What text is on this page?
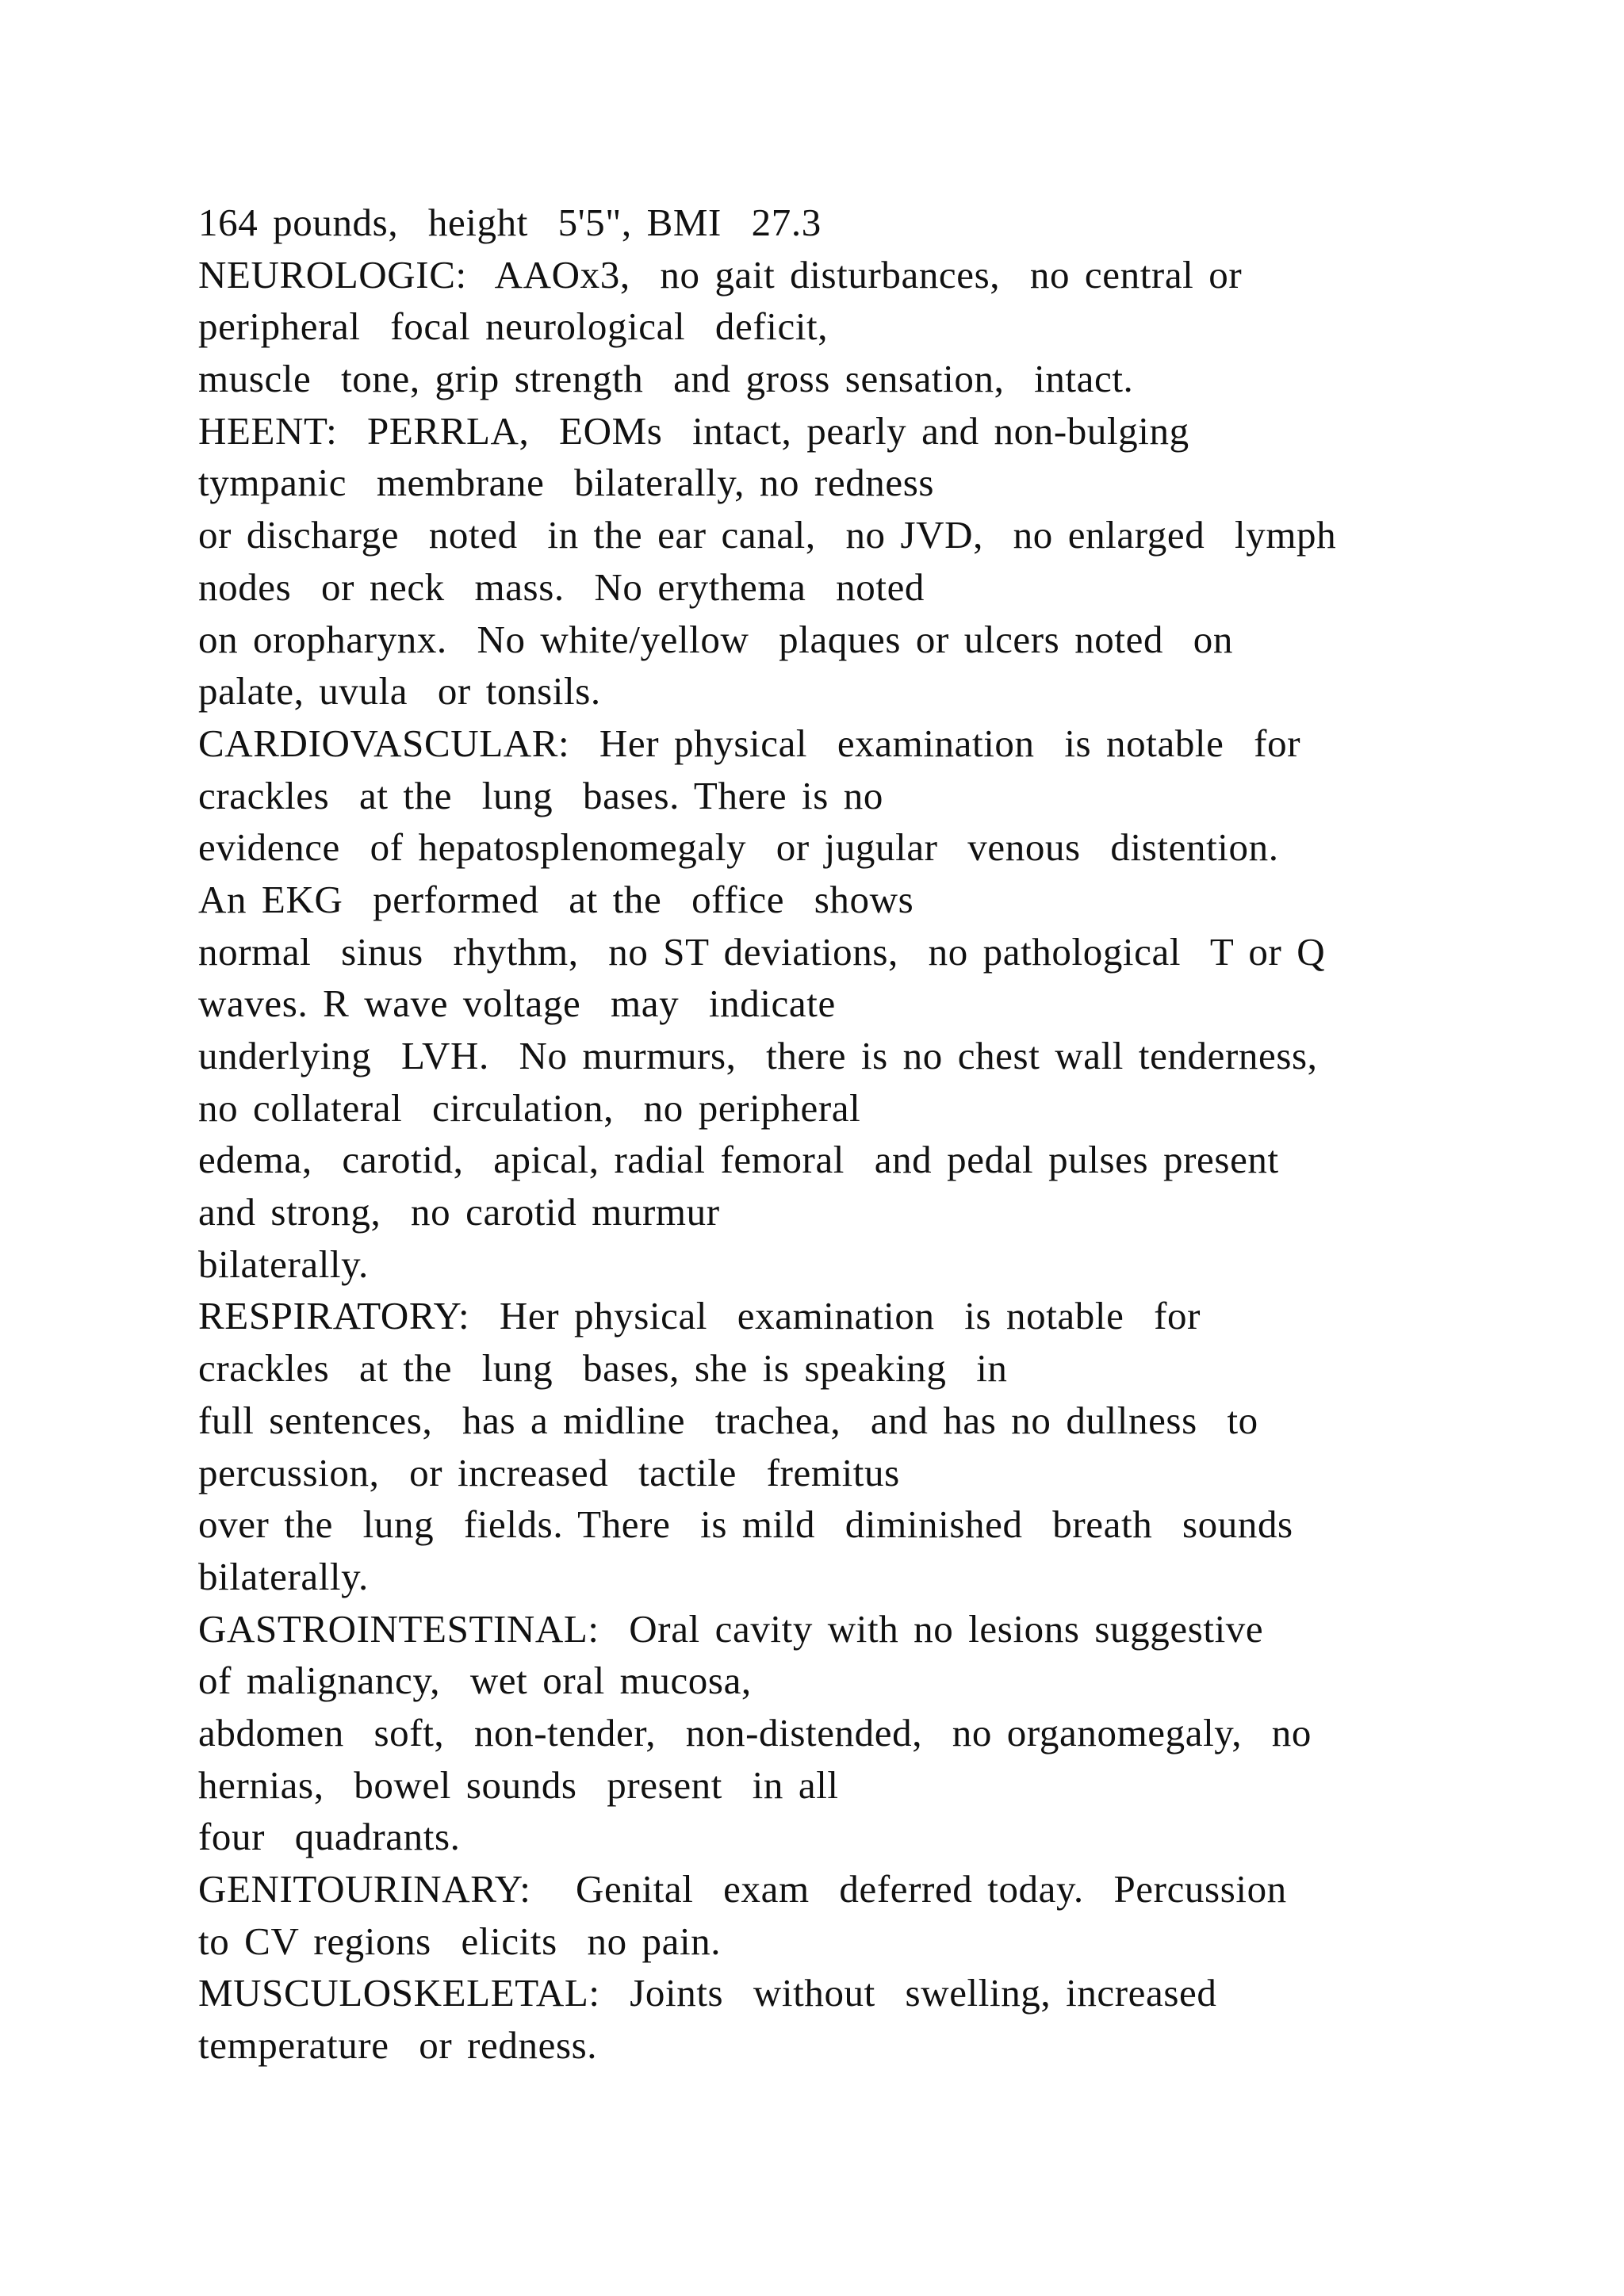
164 pounds,  height  5'5", BMI  27.3
NEUROLOGIC:  AAOx3,  no gait disturbances,  no central or
peripheral  focal neurological  deficit,
muscle  tone, grip strength  and gross sensation,  intact.
HEENT:  PERRLA,  EOMs  intact, pearly and non-bulging
tympanic  membrane  bilaterally, no redness
or discharge  noted  in the ear canal,  no JVD,  no enlarged  lymph
nodes  or neck  mass.  No erythema  noted
on oropharynx.  No white/yellow  plaques or ulcers noted  on
palate, uvula  or tonsils.
CARDIOVASCULAR:  Her physical  examination  is notable  for
crackles  at the  lung  bases. There is no
evidence  of hepatosplenomegaly  or jugular  venous  distention.
An EKG  performed  at the  office  shows
normal  sinus  rhythm,  no ST deviations,  no pathological  T or Q
waves. R wave voltage  may  indicate
underlying  LVH.  No murmurs,  there is no chest wall tenderness,
no collateral  circulation,  no peripheral
edema,  carotid,  apical, radial femoral  and pedal pulses present
and strong,  no carotid murmur
bilaterally.
RESPIRATORY:  Her physical  examination  is notable  for
crackles  at the  lung  bases, she is speaking  in
full sentences,  has a midline  trachea,  and has no dullness  to
percussion,  or increased  tactile  fremitus
over the  lung  fields. There  is mild  diminished  breath  sounds
bilaterally.
GASTROINTESTINAL:  Oral cavity with no lesions suggestive
of malignancy,  wet oral mucosa,
abdomen  soft,  non-tender,  non-distended,  no organomegaly,  no
hernias,  bowel sounds  present  in all
four  quadrants.
GENITOURINARY:   Genital  exam  deferred today.  Percussion
to CV regions  elicits  no pain.
MUSCULOSKELETAL:  Joints  without  swelling, increased
temperature  or redness.
